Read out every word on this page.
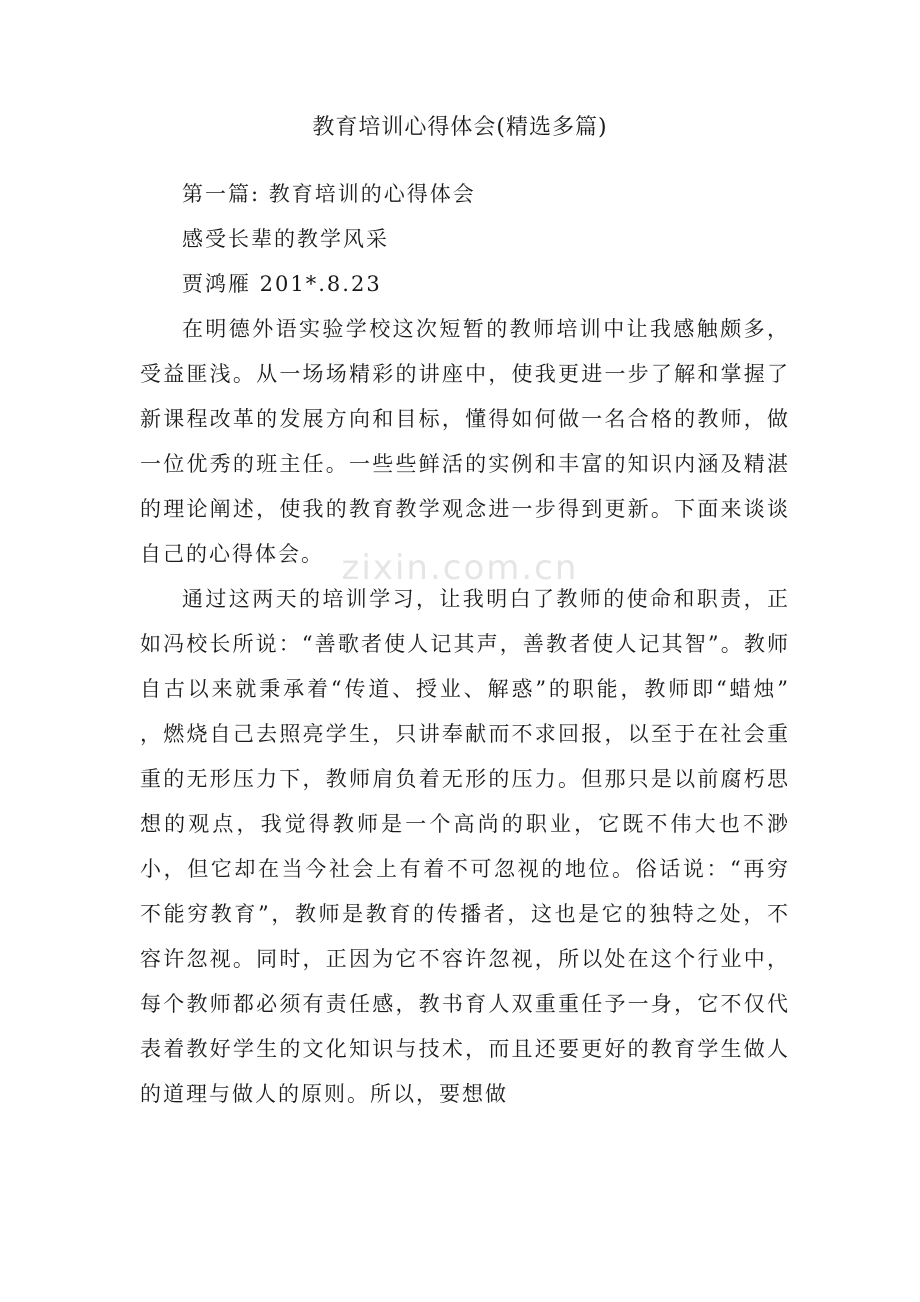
教育培训心得体会(精选多篇)

第一篇: 教育培训的心得体会

感受长辈的教学风采

贾鸿雁 201*.8.23

在明德外语实验学校这次短暂的教师培训中让我感触颇多，受益匪浅。从一场场精彩的讲座中，使我更进一步了解和掌握了新课程改革的发展方向和目标，懂得如何做一名合格的教师，做一位优秀的班主任。一些些鲜活的实例和丰富的知识内涵及精湛的理论阐述，使我的教育教学观念进一步得到更新。下面来谈谈自己的心得体会。

通过这两天的培训学习，让我明白了教师的使命和职责，正如冯校长所说：“善歌者使人记其声，善教者使人记其智”。教师自古以来就秉承着“传道、授业、解惑”的职能，教师即“蜡烛” ，燃烧自己去照亮学生，只讲奉献而不求回报，以至于在社会重重的无形压力下，教师肩负着无形的压力。但那只是以前腐朽思想的观点，我觉得教师是一个高尚的职业，它既不伟大也不渺小，但它却在当今社会上有着不可忽视的地位。俗话说：“再穷不能穷教育”，教师是教育的传播者，这也是它的独特之处，不容许忽视。同时，正因为它不容许忽视，所以处在这个行业中，每个教师都必须有责任感，教书育人双重重任予一身，它不仅代表着教好学生的文化知识与技术，而且还要更好的教育学生做人的道理与做人的原则。所以，要想做

zixin.com.cn
